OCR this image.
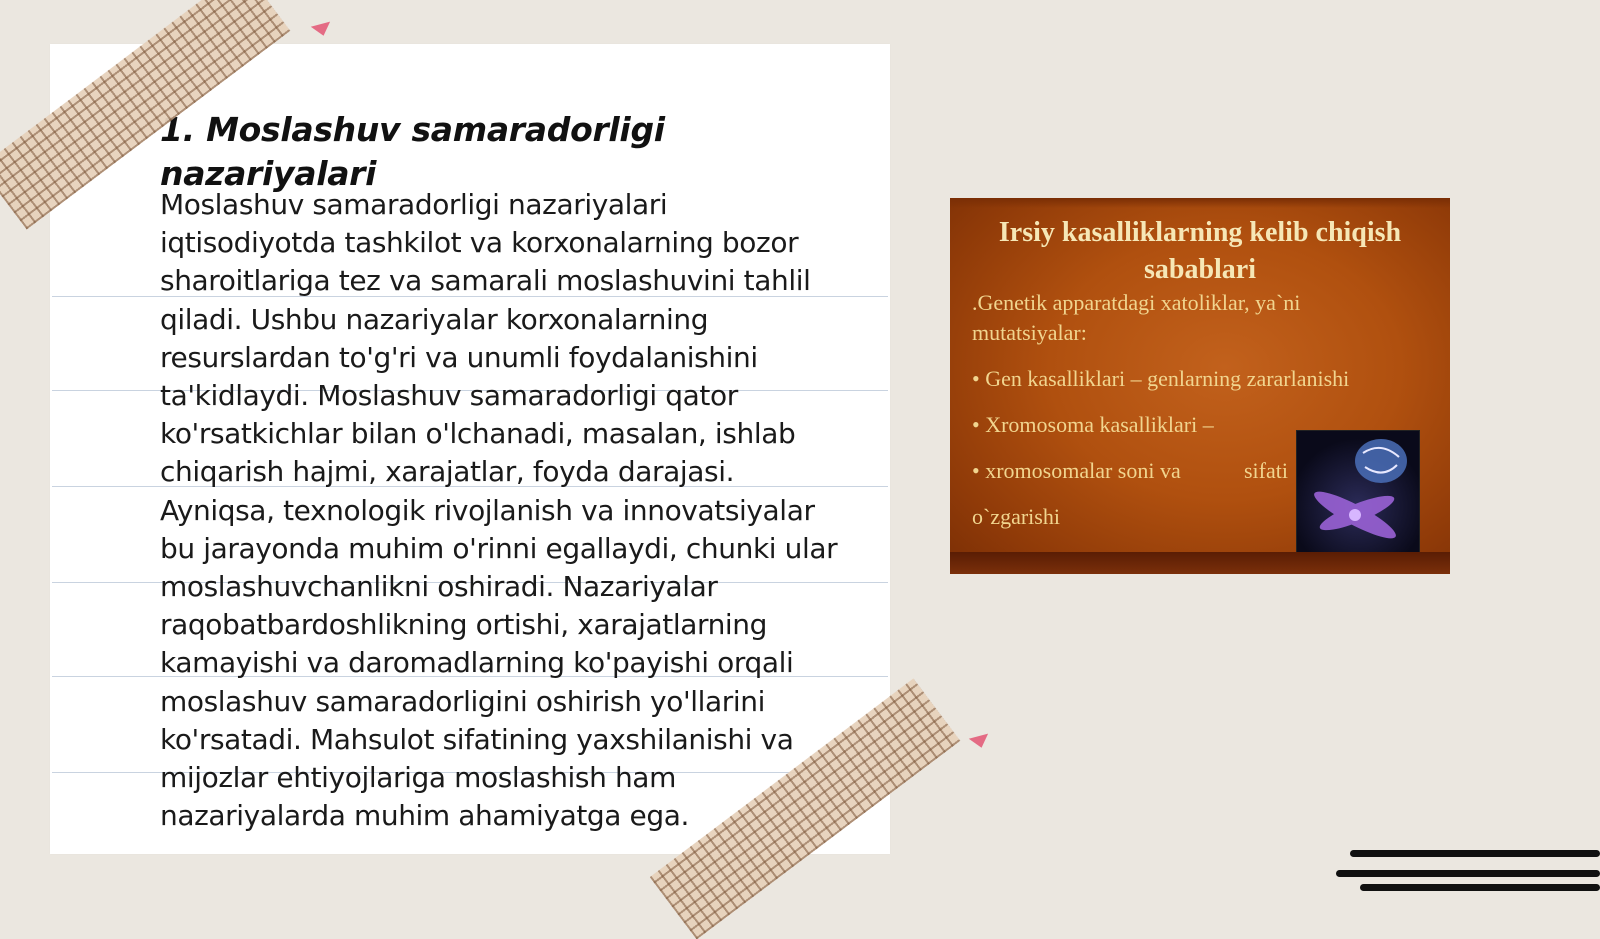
1. Moslashuv samaradorligi nazariyalari
Moslashuv samaradorligi nazariyalari iqtisodiyotda tashkilot va korxonalarning bozor sharoitlariga tez va samarali moslashuvini tahlil qiladi. Ushbu nazariyalar korxonalarning resurslardan to'g'ri va unumli foydalanishini ta'kidlaydi. Moslashuv samaradorligi qator ko'rsatkichlar bilan o'lchanadi, masalan, ishlab chiqarish hajmi, xarajatlar, foyda darajasi. Ayniqsa, texnologik rivojlanish va innovatsiyalar bu jarayonda muhim o'rinni egallaydi, chunki ular moslashuvchanlikni oshiradi. Nazariyalar raqobatbardoshlikning ortishi, xarajatlarning kamayishi va daromadlarning ko'payishi orqali moslashuv samaradorligini oshirish yo'llarini ko'rsatadi. Mahsulot sifatining yaxshilanishi va mijozlar ehtiyojlariga moslashish ham nazariyalarda muhim ahamiyatga ega.
Irsiy kasalliklarning kelib chiqish sabablari
.Genetik apparatdagi xatoliklar, ya`ni
mutatsiyalar:
• Gen kasalliklari – genlarning zararlanishi
• Xromosoma kasalliklari –
• xromosomalar soni va	sifati
o`zgarishi
